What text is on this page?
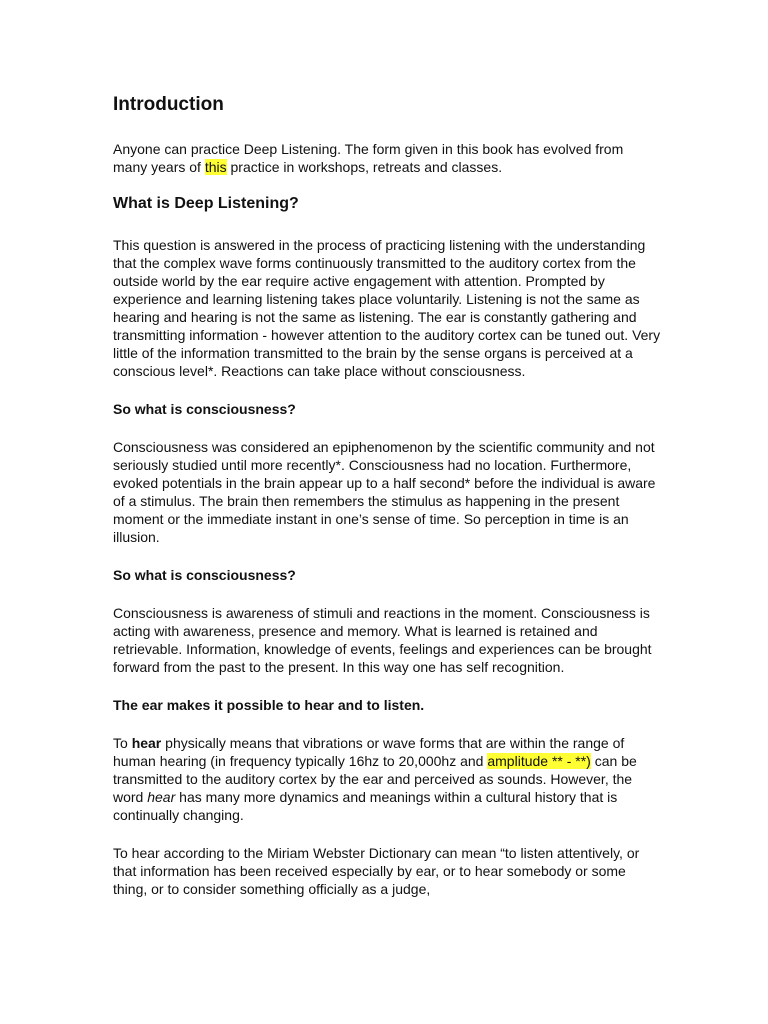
Introduction
Anyone can practice Deep Listening. The form given in this book has evolved from many years of this practice in workshops, retreats and classes.
What is Deep Listening?
This question is answered in the process of practicing listening with the understanding that the complex wave forms continuously transmitted to the auditory cortex from the outside world by the ear require active engagement with attention. Prompted by experience and learning listening takes place voluntarily. Listening is not the same as hearing and hearing is not the same as listening. The ear is constantly gathering and transmitting information - however attention to the auditory cortex can be tuned out. Very little of the information transmitted to the brain by the sense organs is perceived at a conscious level*. Reactions can take place without consciousness.
So what is consciousness?
Consciousness was considered an epiphenomenon by the scientific community and not seriously studied until more recently*. Consciousness had no location. Furthermore, evoked potentials in the brain appear up to a half second* before the individual is aware of a stimulus. The brain then remembers the stimulus as happening in the present moment or the immediate instant in one’s sense of time. So perception in time is an illusion.
So what is consciousness?
Consciousness is awareness of stimuli and reactions in the moment. Consciousness is acting with awareness, presence and memory. What is learned is retained and retrievable. Information, knowledge of events, feelings and experiences can be brought forward from the past to the present. In this way one has self recognition.
The ear makes it possible to hear and to listen.
To hear physically means that vibrations or wave forms that are within the range of human hearing (in frequency typically 16hz to 20,000hz and amplitude ** - **) can be transmitted to the auditory cortex by the ear and perceived as sounds. However, the word hear has many more dynamics and meanings within a cultural history that is continually changing.
To hear according to the Miriam Webster Dictionary can mean “to listen attentively, or that information has been received especially by ear, or to hear somebody or some thing, or to consider something officially as a judge,
